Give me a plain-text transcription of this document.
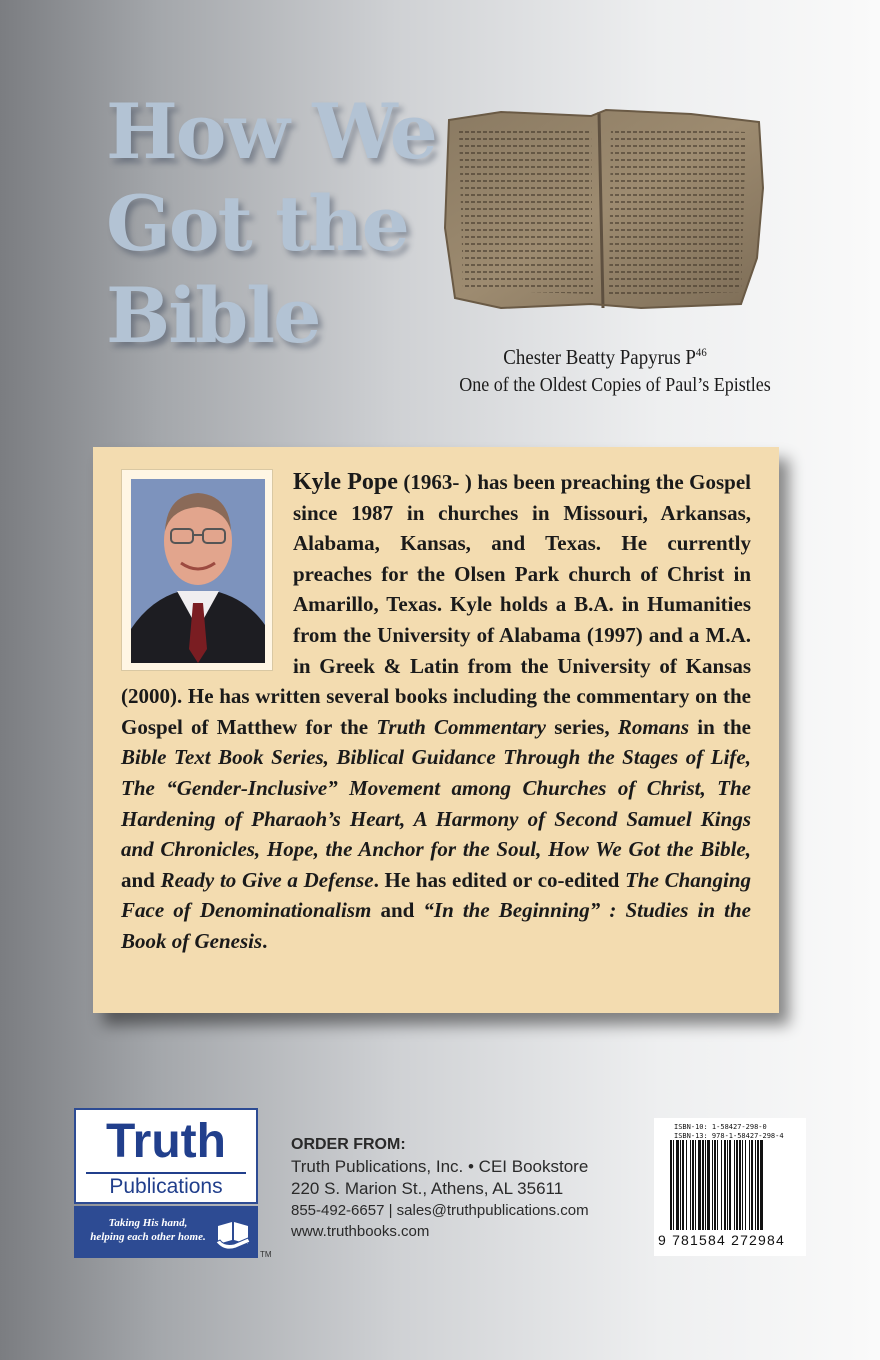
How We
Got the
Bible	Chester Beatty Papyrus $P^{46}$
One of the Oldest Copies of Paul’s Epistles
Kyle Pope (1963- ) has been preaching the Gospel since 1987 in churches in Missouri, Arkansas, Alabama, Kansas, and Texas. He currently preaches for the Olsen Park church of Christ in Amarillo, Texas. Kyle holds a B.A. in Humanities from the University of Alabama (1997) and a M.A. in Greek & Latin from the University of Kansas (2000). He has written several books including the commentary on the Gospel of Matthew for the Truth Commentary series, Romans in the Bible Text Book Series, Biblical Guidance Through the Stages of Life, The “Gender-Inclusive” Movement among Churches of Christ, The Hardening of Pharaoh’s Heart, A Harmony of Second Samuel Kings and Chronicles, Hope, the Anchor for the Soul, How We Got the Bible, and Ready to Give a Defense. He has edited or co-edited The Changing Face of Denominationalism and “In the Beginning” : Studies in the Book of Genesis.
Truth
Publications
Taking His hand,
helping each other home.
TM
ORDER FROM:
Truth Publications, Inc. • CEI Bookstore
220 S. Marion St., Athens, AL 35611
855-492-6657 | sales@truthpublications.com
www.truthbooks.com
ISBN-10: 1-58427-298-0
ISBN-13: 978-1-58427-298-4
9 781584 272984
